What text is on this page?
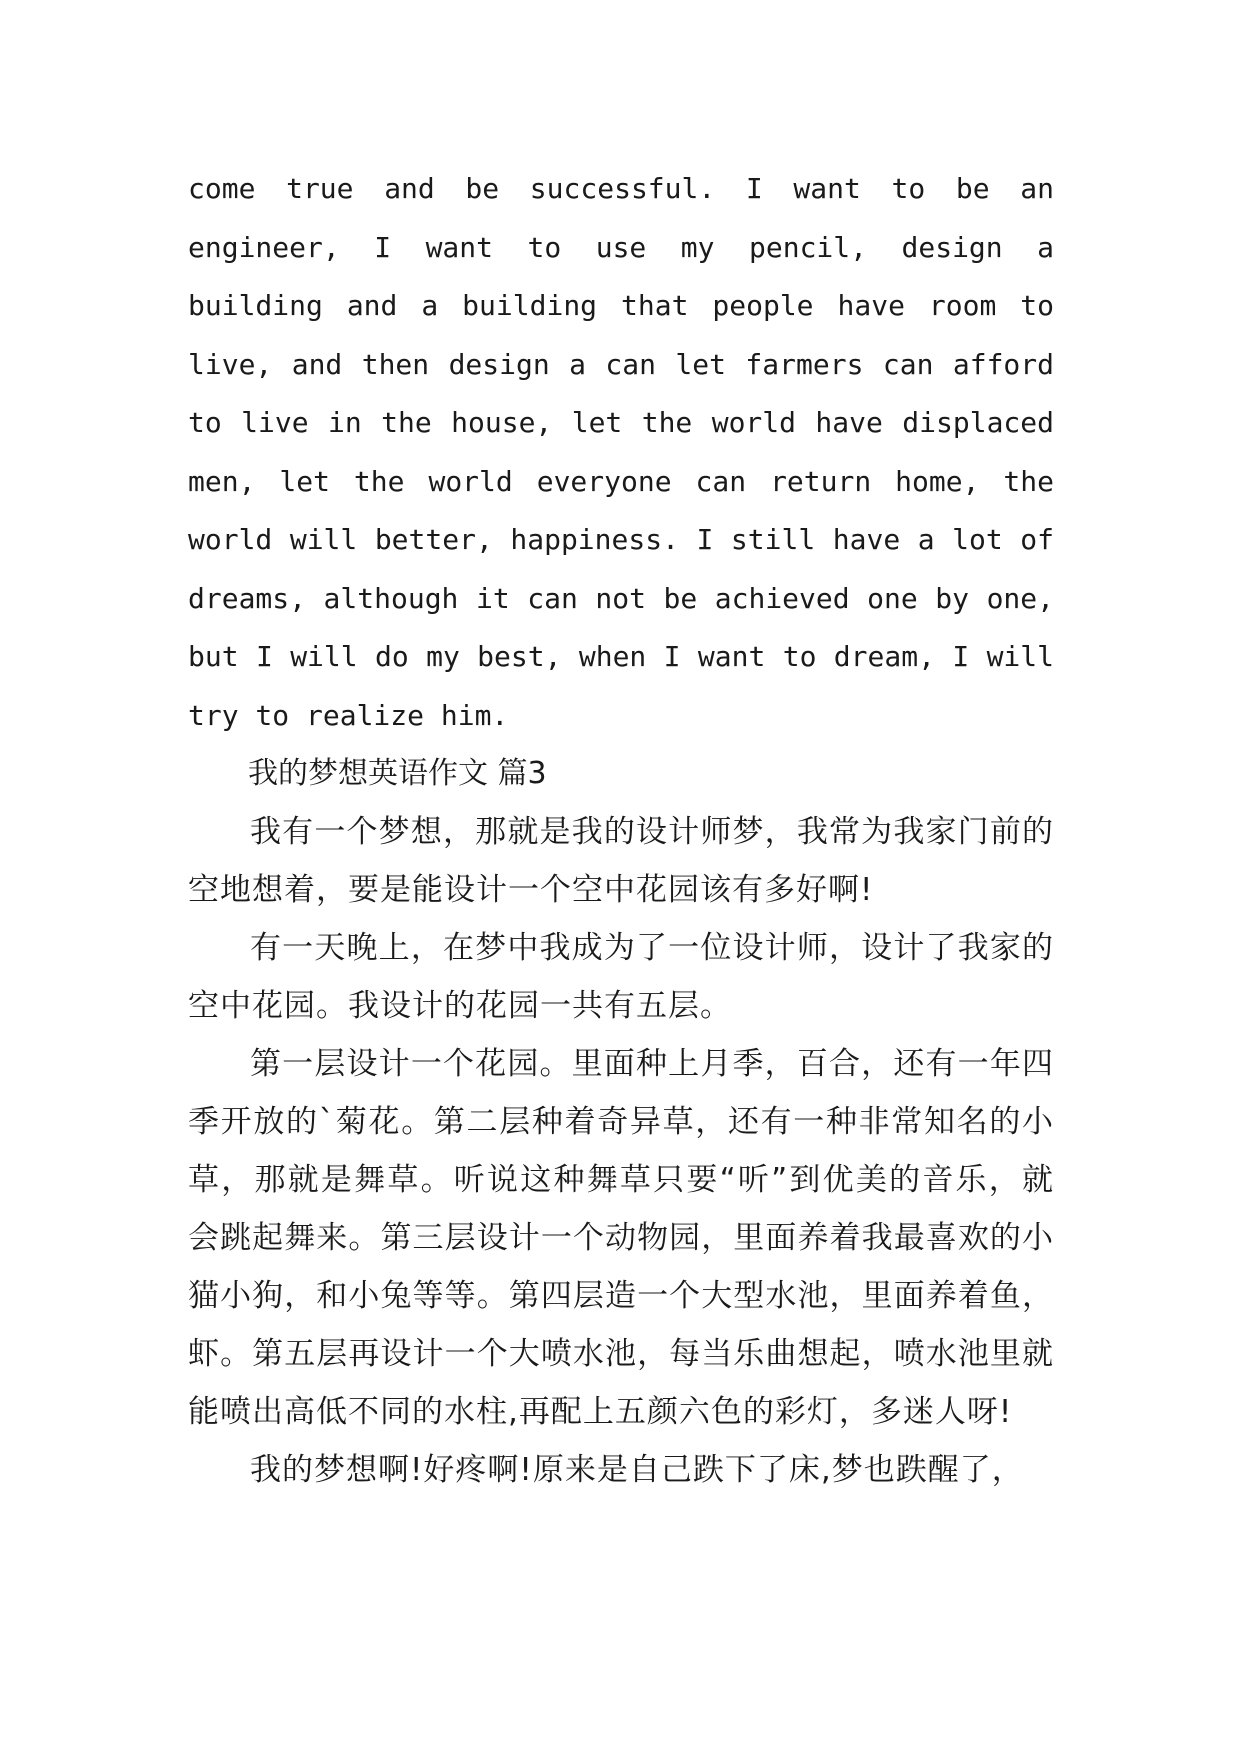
come true and be successful. I want to be an engineer, I want to use my pencil, design a building and a building that people have room to live, and then design a can let farmers can afford to live in the house, let the world have displaced men, let the world everyone can return home, the world will better, happiness. I still have a lot of dreams, although it can not be achieved one by one, but I will do my best, when I want to dream, I will try to realize him.

我的梦想英语作文 篇3

我有一个梦想，那就是我的设计师梦，我常为我家门前的空地想着，要是能设计一个空中花园该有多好啊!

有一天晚上，在梦中我成为了一位设计师，设计了我家的空中花园。我设计的花园一共有五层。

第一层设计一个花园。里面种上月季，百合，还有一年四季开放的`菊花。第二层种着奇异草，还有一种非常知名的小草，那就是舞草。听说这种舞草只要“听”到优美的音乐，就会跳起舞来。第三层设计一个动物园，里面养着我最喜欢的小猫小狗，和小兔等等。第四层造一个大型水池，里面养着鱼，虾。第五层再设计一个大喷水池，每当乐曲想起，喷水池里就能喷出高低不同的水柱,再配上五颜六色的彩灯，多迷人呀!

我的梦想啊!好疼啊!原来是自己跌下了床,梦也跌醒了，
